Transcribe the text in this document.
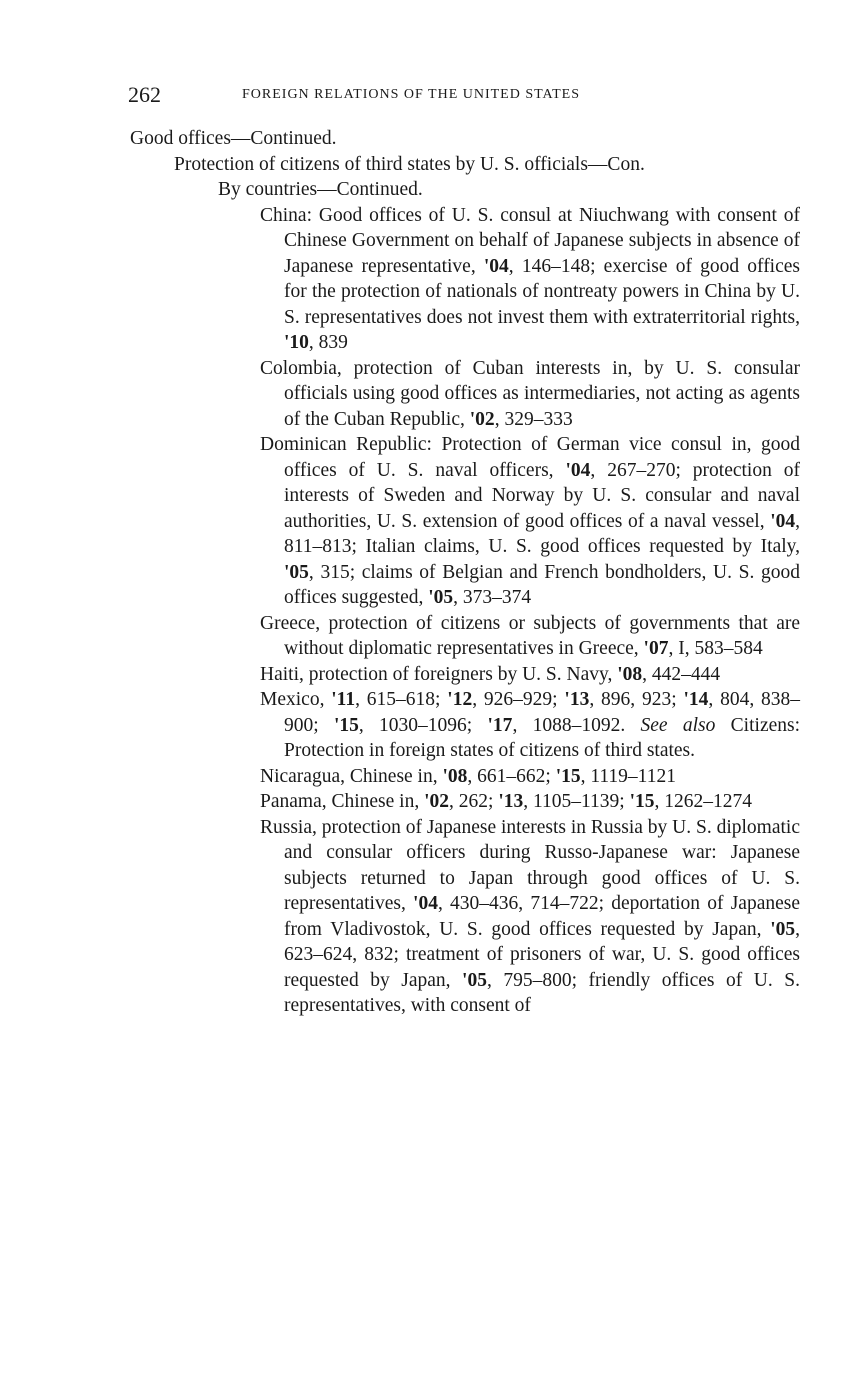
262	FOREIGN RELATIONS OF THE UNITED STATES

Good offices—Continued.

Protection of citizens of third states by U. S. officials—Con.

By countries—Continued.

China: Good offices of U. S. consul at Niuchwang with consent of Chinese Government on behalf of Japanese subjects in absence of Japanese representative, '04, 146–148; exercise of good offices for the protection of nationals of nontreaty powers in China by U. S. representatives does not invest them with extraterritorial rights, '10, 839

Colombia, protection of Cuban interests in, by U. S. consular officials using good offices as intermediaries, not acting as agents of the Cuban Republic, '02, 329–333

Dominican Republic: Protection of German vice consul in, good offices of U. S. naval officers, '04, 267–270; protection of interests of Sweden and Norway by U. S. consular and naval authorities, U. S. extension of good offices of a naval vessel, '04, 811–813; Italian claims, U. S. good offices requested by Italy, '05, 315; claims of Belgian and French bondholders, U. S. good offices suggested, '05, 373–374

Greece, protection of citizens or subjects of governments that are without diplomatic representatives in Greece, '07, I, 583–584

Haiti, protection of foreigners by U. S. Navy, '08, 442–444

Mexico, '11, 615–618; '12, 926–929; '13, 896, 923; '14, 804, 838–900; '15, 1030–1096; '17, 1088–1092. See also Citizens: Protection in foreign states of citizens of third states.

Nicaragua, Chinese in, '08, 661–662; '15, 1119–1121

Panama, Chinese in, '02, 262; '13, 1105–1139; '15, 1262–1274

Russia, protection of Japanese interests in Russia by U. S. diplomatic and consular officers during Russo-Japanese war: Japanese subjects returned to Japan through good offices of U. S. representatives, '04, 430–436, 714–722; deportation of Japanese from Vladivostok, U. S. good offices requested by Japan, '05, 623–624, 832; treatment of prisoners of war, U. S. good offices requested by Japan, '05, 795–800; friendly offices of U. S. representatives, with consent of
